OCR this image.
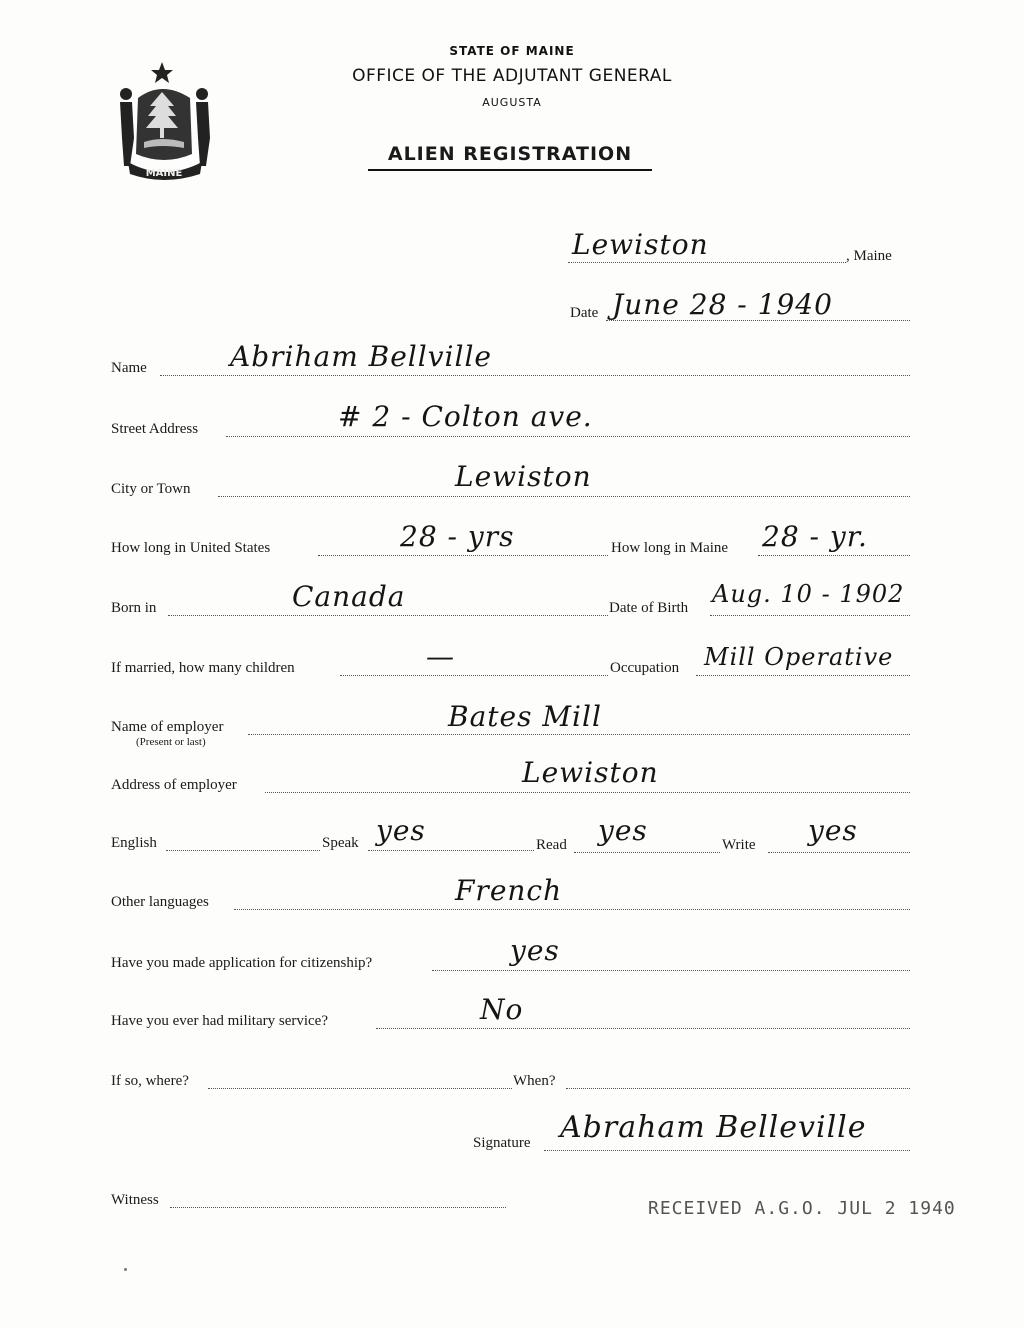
MAINE
STATE OF MAINE
OFFICE OF THE ADJUTANT GENERAL
AUGUSTA
ALIEN REGISTRATION
Lewiston	, Maine
Date June 28 - 1940
Name	Abriham Bellville
Street Address	# 2 - Colton ave.
City or Town	Lewiston
How long in United States	28 - yrs	How long in Maine 28 - yr.
Born in	Canada	Date of Birth Aug. 10 - 1902
If married, how many children	—	Occupation Mill Operative
Name of employer
(Present or last)
Bates Mill
Address of employer	Lewiston
English	Speak yes	Read yes	Write yes
Other languages	French
Have you made application for citizenship?	yes
Have you ever had military service?	No
If so, where?	When?
Signature Abraham Belleville
Witness	RECEIVED A.G.O. JUL 2 1940
